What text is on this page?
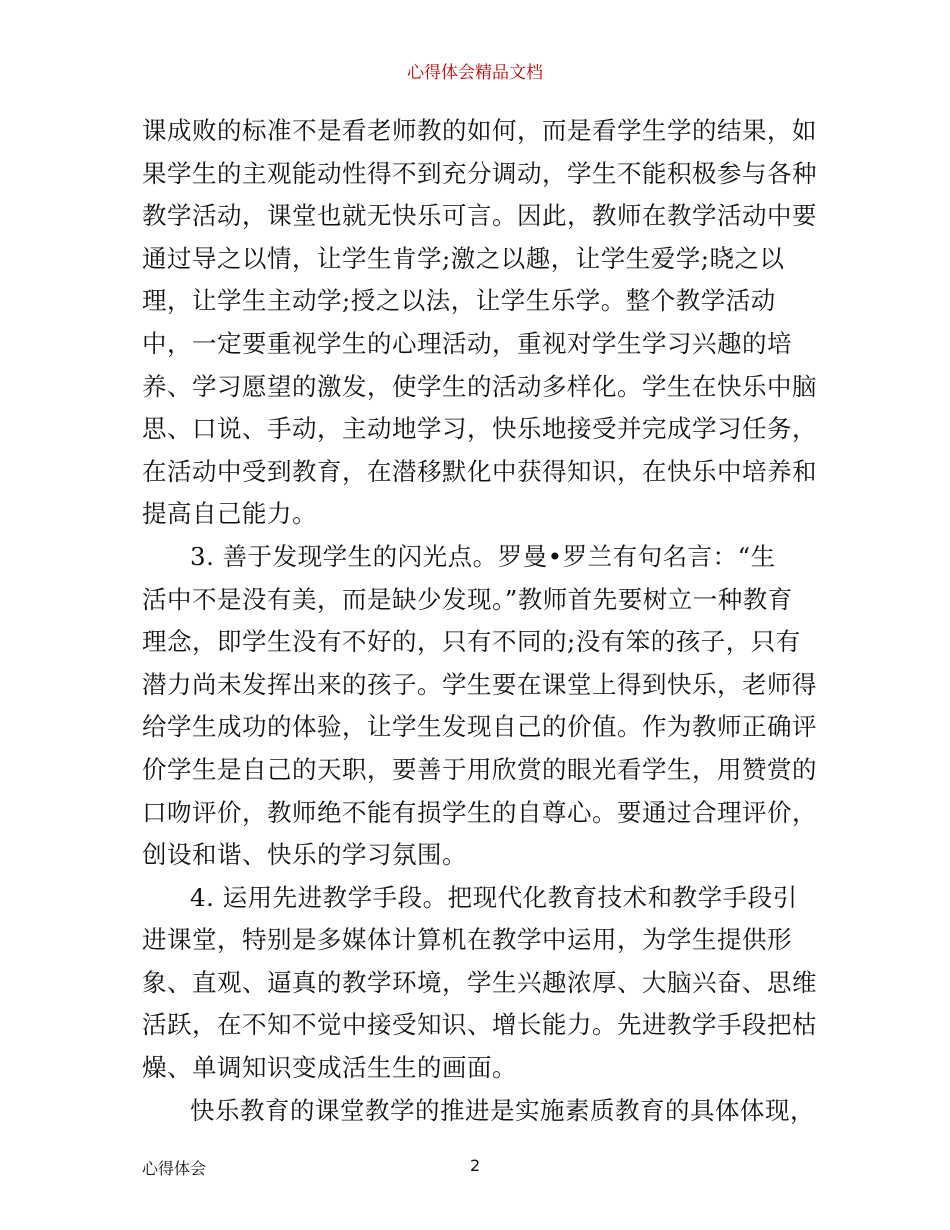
心得体会精品文档
课成败的标准不是看老师教的如何，而是看学生学的结果，如
果学生的主观能动性得不到充分调动，学生不能积极参与各种
教学活动，课堂也就无快乐可言。因此，教师在教学活动中要
通过导之以情，让学生肯学;激之以趣，让学生爱学;晓之以
理，让学生主动学;授之以法，让学生乐学。整个教学活动
中，一定要重视学生的心理活动，重视对学生学习兴趣的培
养、学习愿望的激发，使学生的活动多样化。学生在快乐中脑
思、口说、手动，主动地学习，快乐地接受并完成学习任务，
在活动中受到教育，在潜移默化中获得知识，在快乐中培养和
提高自己能力。
3. 善于发现学生的闪光点。罗曼•罗兰有句名言：“生
活中不是没有美，而是缺少发现。”教师首先要树立一种教育
理念，即学生没有不好的，只有不同的;没有笨的孩子，只有
潜力尚未发挥出来的孩子。学生要在课堂上得到快乐，老师得
给学生成功的体验，让学生发现自己的价值。作为教师正确评
价学生是自己的天职，要善于用欣赏的眼光看学生，用赞赏的
口吻评价，教师绝不能有损学生的自尊心。要通过合理评价，
创设和谐、快乐的学习氛围。
4. 运用先进教学手段。把现代化教育技术和教学手段引
进课堂，特别是多媒体计算机在教学中运用，为学生提供形
象、直观、逼真的教学环境，学生兴趣浓厚、大脑兴奋、思维
活跃，在不知不觉中接受知识、增长能力。先进教学手段把枯
燥、单调知识变成活生生的画面。
快乐教育的课堂教学的推进是实施素质教育的具体体现，
心得体会	2
